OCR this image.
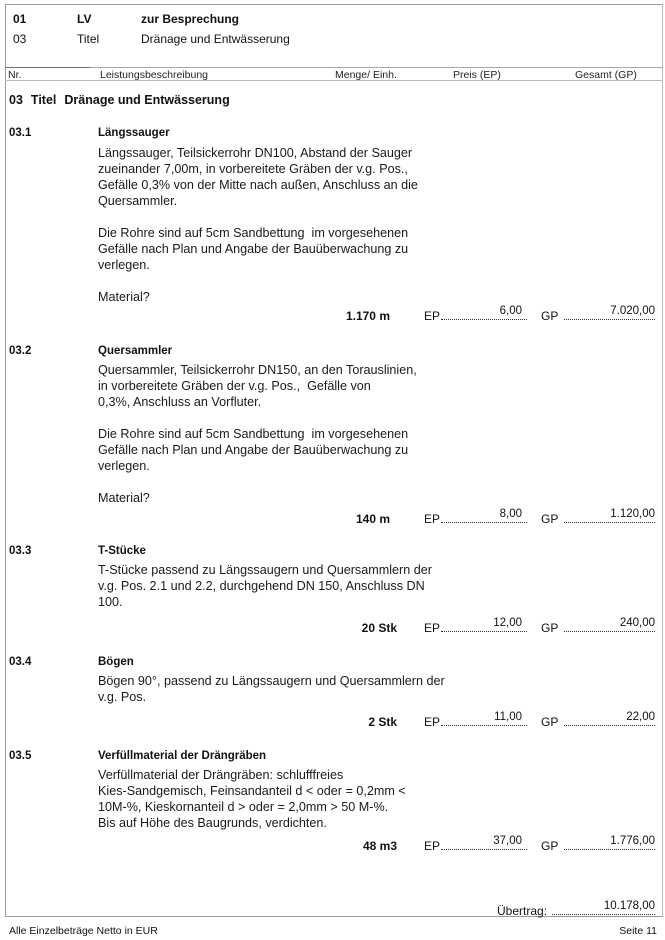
01	LV	zur Besprechung
03	Titel	Dränage und Entwässerung
Nr.	Leistungsbeschreibung	Menge/ Einh.	Preis (EP)	Gesamt (GP)
03 Titel Dränage und Entwässerung
03.1	Längssauger
Längssauger, Teilsickerrohr DN100, Abstand der Sauger
zueinander 7,00m, in vorbereitete Gräben der v.g. Pos.,
Gefälle 0,3% von der Mitte nach außen, Anschluss an die
Quersammler.

Die Rohre sind auf 5cm Sandbettung  im vorgesehenen
Gefälle nach Plan und Angabe der Bauüberwachung zu
verlegen.

Material?
1.170 m	EP	6,00 GP	7.020,00
03.2	Quersammler
Quersammler, Teilsickerrohr DN150, an den Torauslinien,
in vorbereitete Gräben der v.g. Pos.,  Gefälle von
0,3%, Anschluss an Vorfluter.

Die Rohre sind auf 5cm Sandbettung  im vorgesehenen
Gefälle nach Plan und Angabe der Bauüberwachung zu
verlegen.

Material?
140 m	EP	8,00 GP	1.120,00
03.3	T-Stücke
T-Stücke passend zu Längssaugern und Quersammlern der
v.g. Pos. 2.1 und 2.2, durchgehend DN 150, Anschluss DN
100.
20 Stk EP	12,00 GP	240,00
03.4	Bögen
Bögen 90°, passend zu Längssaugern und Quersammlern der
v.g. Pos.
2 Stk EP	11,00 GP	22,00
03.5	Verfüllmaterial der Drängräben
Verfüllmaterial der Drängräben: schlufffreies
Kies-Sandgemisch, Feinsandanteil d < oder = 0,2mm <
10M-%, Kieskornanteil d > oder = 2,0mm > 50 M-%.
Bis auf Höhe des Baugrunds, verdichten.
48 m3 EP	37,00 GP	1.776,00
Übertrag:	10.178,00
Alle Einzelbeträge Netto in EUR	Seite 11
